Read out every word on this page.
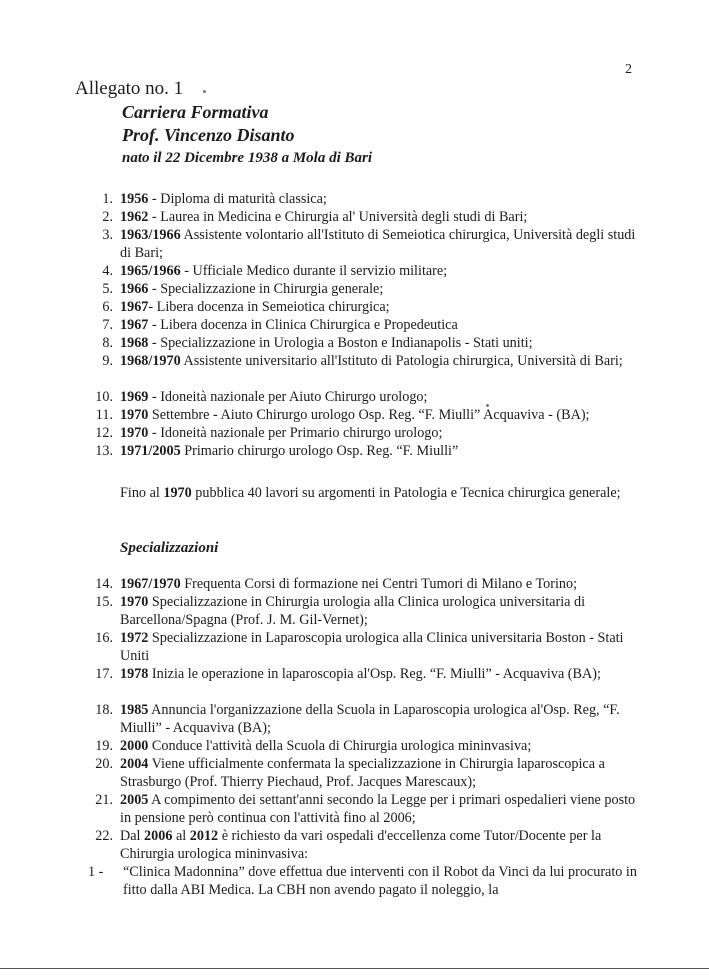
2
Allegato no. 1
Carriera Formativa
Prof. Vincenzo Disanto
nato il 22 Dicembre 1938 a Mola di Bari
1. 1956 - Diploma di maturità classica;
2. 1962 - Laurea in Medicina e Chirurgia al' Università degli studi di Bari;
3. 1963/1966 Assistente volontario all'Istituto di Semeiotica chirurgica, Università degli studi di Bari;
4. 1965/1966 - Ufficiale Medico durante il servizio militare;
5. 1966 - Specializzazione in Chirurgia generale;
6. 1967- Libera docenza in Semeiotica chirurgica;
7. 1967 - Libera docenza in Clinica Chirurgica e Propedeutica
8. 1968 - Specializzazione in Urologia a Boston e Indianapolis - Stati uniti;
9. 1968/1970 Assistente universitario all'Istituto di Patologia chirurgica, Università di Bari;
10. 1969 - Idoneità nazionale per Aiuto Chirurgo urologo;
11. 1970 Settembre - Aiuto Chirurgo urologo Osp. Reg. “F. Miulli” Acquaviva - (BA);
12. 1970 - Idoneità nazionale per Primario chirurgo urologo;
13. 1971/2005 Primario chirurgo urologo Osp. Reg. “F. Miulli”
Fino al 1970 pubblica 40 lavori su argomenti in Patologia e Tecnica chirurgica generale;
Specializzazioni
14. 1967/1970 Frequenta Corsi di formazione nei Centri Tumori di Milano e Torino;
15. 1970 Specializzazione in Chirurgia urologia alla Clinica urologica universitaria di Barcellona/Spagna (Prof. J. M. Gil-Vernet);
16. 1972 Specializzazione in Laparoscopia urologica alla Clinica universitaria Boston - Stati Uniti
17. 1978 Inizia le operazione in laparoscopia al'Osp. Reg. “F. Miulli” - Acquaviva (BA);
18. 1985 Annuncia l'organizzazione della Scuola in Laparoscopia urologica al'Osp. Reg, “F. Miulli” - Acquaviva (BA);
19. 2000 Conduce l'attività della Scuola di Chirurgia urologica mininvasiva;
20. 2004 Viene ufficialmente confermata la specializzazione in Chirurgia laparoscopica a Strasburgo (Prof. Thierry Piechaud, Prof. Jacques Marescaux);
21. 2005 A compimento dei settant'anni secondo la Legge per i primari ospedalieri viene posto in pensione però continua con l'attività fino al 2006;
22. Dal 2006 al 2012 è richiesto da vari ospedali d'eccellenza come Tutor/Docente per la Chirurgia urologica mininvasiva:
1 - “Clinica Madonnina” dove effettua due interventi con il Robot da Vinci da lui procurato in fitto dalla ABI Medica. La CBH non avendo pagato il noleggio, la
